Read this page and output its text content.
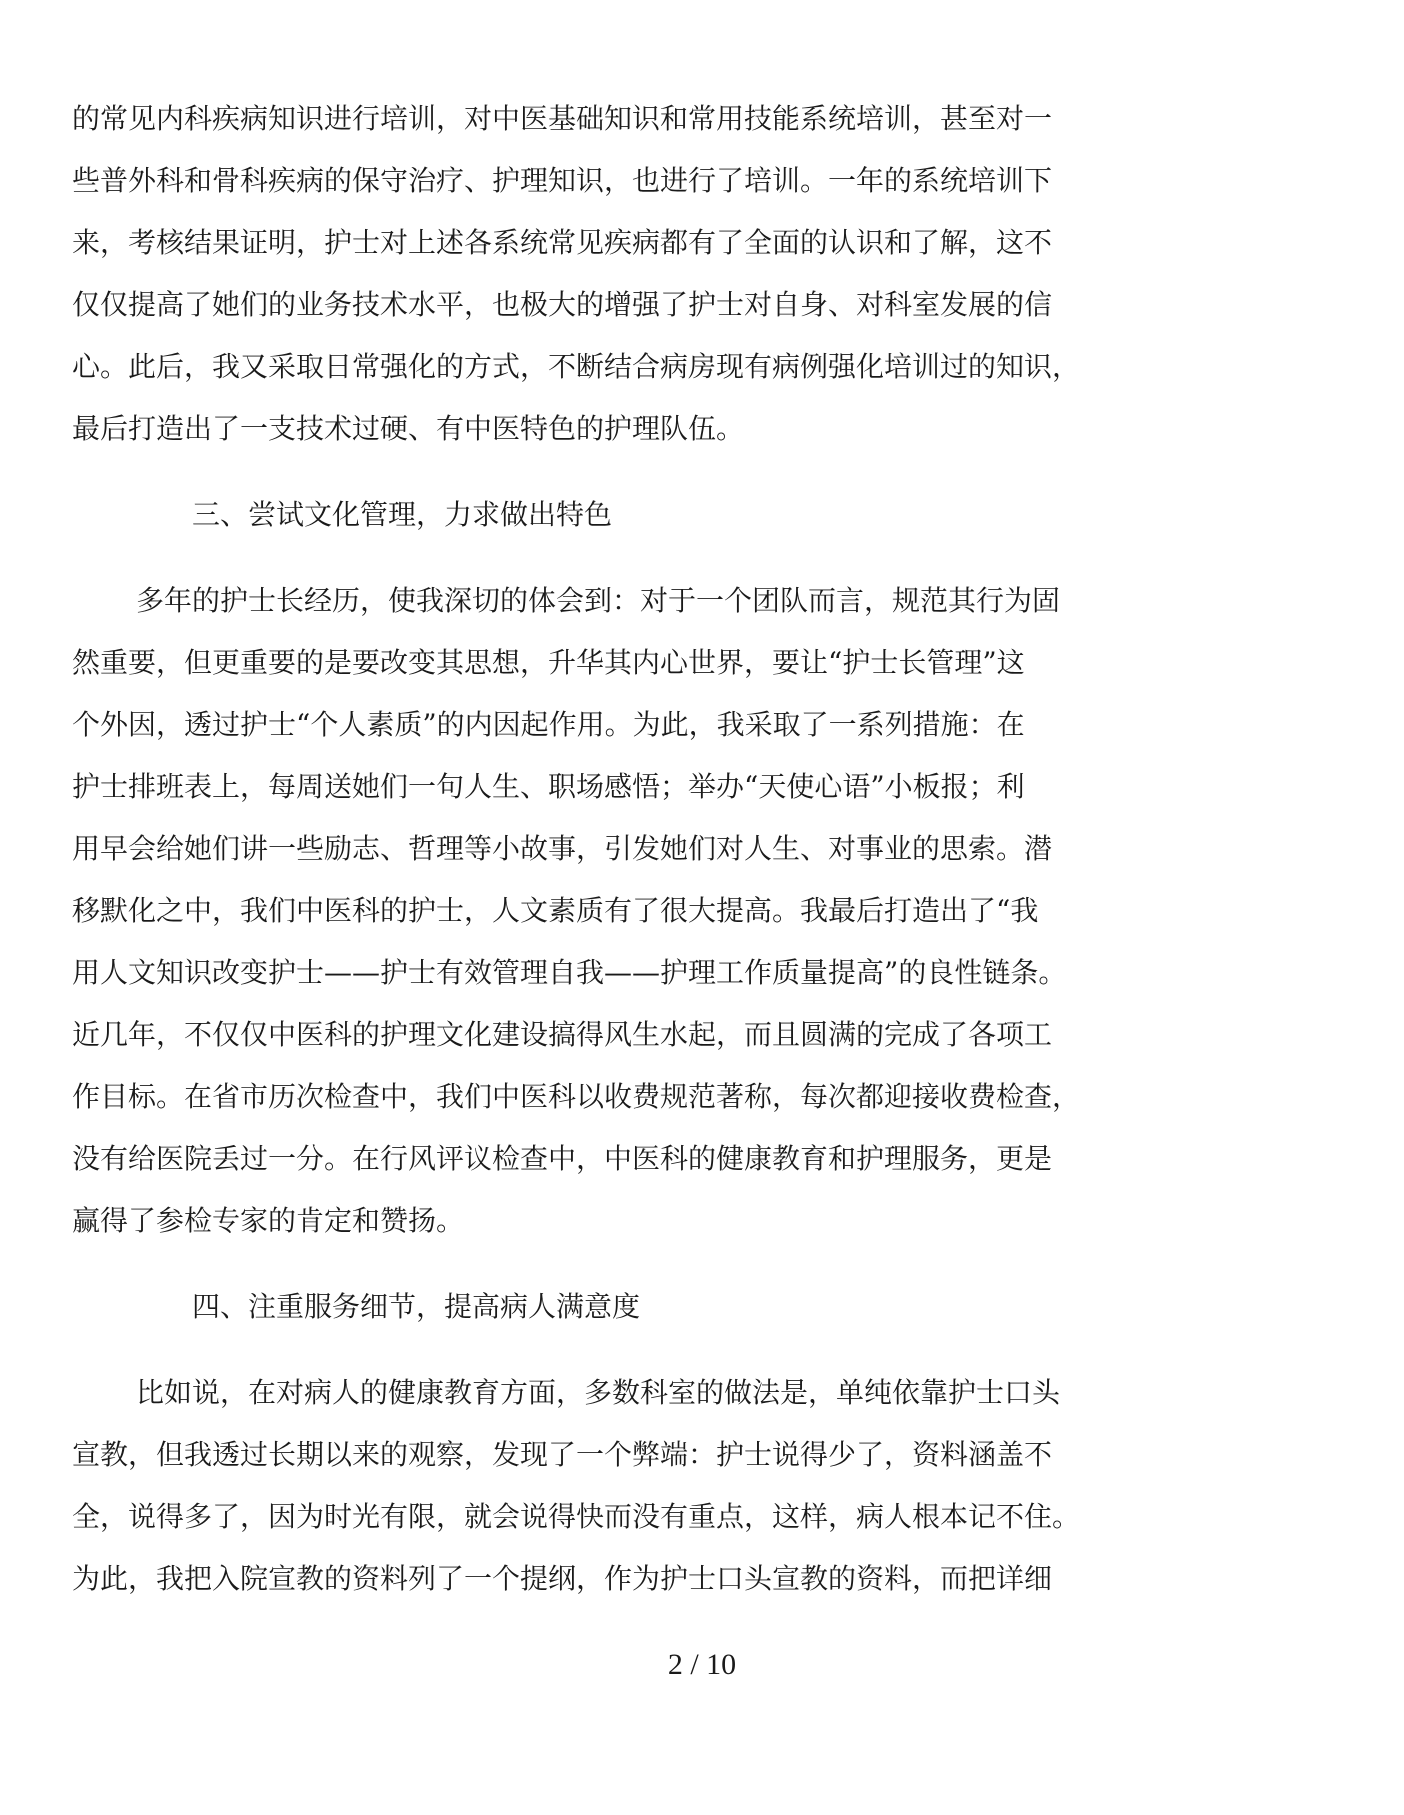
的常见内科疾病知识进行培训，对中医基础知识和常用技能系统培训，甚至对一
些普外科和骨科疾病的保守治疗、护理知识，也进行了培训。一年的系统培训下
来，考核结果证明，护士对上述各系统常见疾病都有了全面的认识和了解，这不
仅仅提高了她们的业务技术水平，也极大的增强了护士对自身、对科室发展的信
心。此后，我又采取日常强化的方式，不断结合病房现有病例强化培训过的知识，
最后打造出了一支技术过硬、有中医特色的护理队伍。
三、尝试文化管理，力求做出特色
多年的护士长经历，使我深切的体会到：对于一个团队而言，规范其行为固
然重要，但更重要的是要改变其思想，升华其内心世界，要让“护士长管理”这
个外因，透过护士“个人素质”的内因起作用。为此，我采取了一系列措施：在
护士排班表上，每周送她们一句人生、职场感悟；举办“天使心语”小板报；利
用早会给她们讲一些励志、哲理等小故事，引发她们对人生、对事业的思索。潜
移默化之中，我们中医科的护士，人文素质有了很大提高。我最后打造出了“我
用人文知识改变护士——护士有效管理自我——护理工作质量提高”的良性链条。
近几年，不仅仅中医科的护理文化建设搞得风生水起，而且圆满的完成了各项工
作目标。在省市历次检查中，我们中医科以收费规范著称，每次都迎接收费检查，
没有给医院丢过一分。在行风评议检查中，中医科的健康教育和护理服务，更是
赢得了参检专家的肯定和赞扬。
四、注重服务细节，提高病人满意度
比如说，在对病人的健康教育方面，多数科室的做法是，单纯依靠护士口头
宣教，但我透过长期以来的观察，发现了一个弊端：护士说得少了，资料涵盖不
全，说得多了，因为时光有限，就会说得快而没有重点，这样，病人根本记不住。
为此，我把入院宣教的资料列了一个提纲，作为护士口头宣教的资料，而把详细
2 / 10
